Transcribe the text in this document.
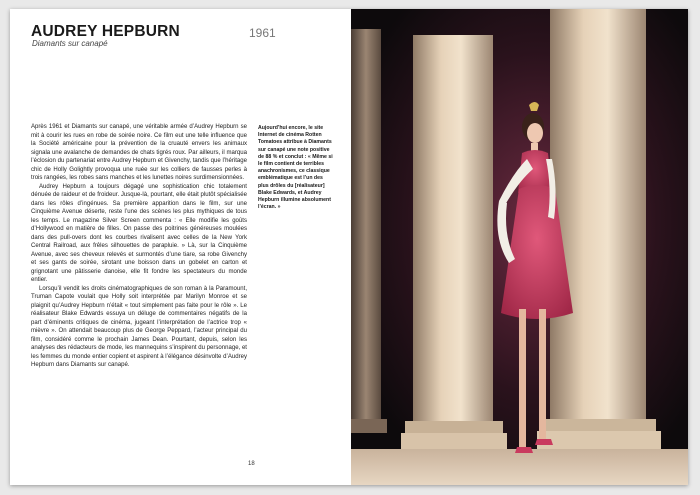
AUDREY HEPBURN
Diamants sur canapé
1961

Après 1961 et Diamants sur canapé, une véritable armée d’Audrey Hepburn se mit à courir les rues en robe de soirée noire. Ce film eut une telle influence que la Société américaine pour la prévention de la cruauté envers les animaux signala une avalanche de demandes de chats tigrés roux. Par ailleurs, il marqua l’éclosion du partenariat entre Audrey Hepburn et Givenchy, tandis que l’héritage chic de Holly Golightly provoqua une ruée sur les colliers de fausses perles à trois rangées, les robes sans manches et les lunettes noires surdimensionnées.

Audrey Hepburn a toujours dégagé une sophistication chic totalement dénuée de raideur et de froideur. Jusque-là, pourtant, elle était plutôt spécialisée dans les rôles d’ingénues. Sa première apparition dans le film, sur une Cinquième Avenue déserte, reste l’une des scènes les plus mythiques de tous les temps. Le magazine Silver Screen commenta : « Elle modifie les goûts d’Hollywood en matière de filles. On passe des poitrines généreuses moulées dans des pull-overs dont les courbes rivalisent avec celles de la New York Central Railroad, aux frêles silhouettes de parapluie. » Là, sur la Cinquième Avenue, avec ses cheveux relevés et surmontés d’une tiare, sa robe Givenchy et ses gants de soirée, sirotant une boisson dans un gobelet en carton et grignotant une pâtisserie danoise, elle fit fondre les spectateurs du monde entier.

Lorsqu’il vendit les droits cinématographiques de son roman à la Paramount, Truman Capote voulait que Holly soit interprétée par Marilyn Monroe et se plaignit qu’Audrey Hepburn n’était « tout simplement pas faite pour le rôle ». Le réalisateur Blake Edwards essuya un déluge de commentaires négatifs de la part d’éminents critiques de cinéma, jugeant l’interprétation de l’actrice trop « mièvre ». On attendait beaucoup plus de George Peppard, l’acteur principal du film, considéré comme le prochain James Dean. Pourtant, depuis, selon les analyses des rédacteurs de mode, les mannequins s’inspirent du personnage, et les femmes du monde entier copient et aspirent à l’élégance désinvolte d’Audrey Hepburn dans Diamants sur canapé.

Aujourd’hui encore, le site Internet de cinéma Rotten Tomatoes attribue à Diamants sur canapé une note positive de 88 % et conclut : « Même si le film contient de terribles anachronismes, ce classique emblématique est l’un des plus drôles du [réalisateur] Blake Edwards, et Audrey Hepburn illumine absolument l’écran. »
18
